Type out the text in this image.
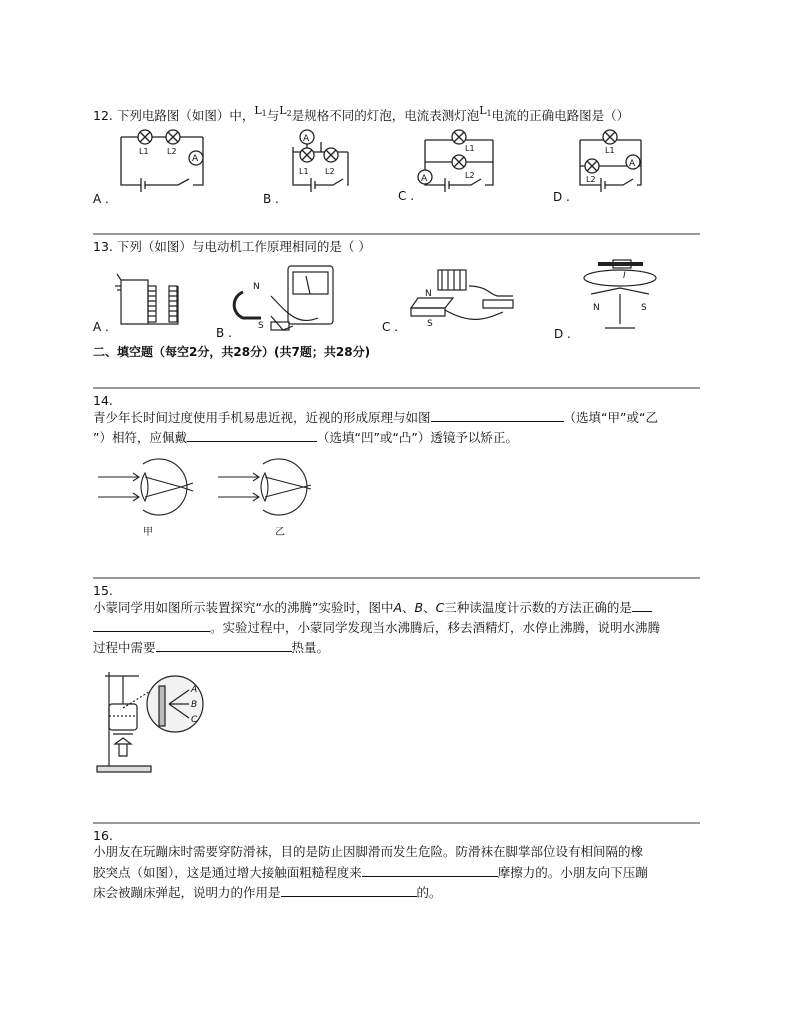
12. 下列电路图（如图）中，$L_1$与$L_2$是规格不同的灯泡，电流表测灯泡$L_1$电流的正确电路图是（）
A
A
A
A
L1 L2
L1 L2
L1
L2
L1
L2
A .	B .	C .	D .
13. 下列（如图）与电动机工作原理相同的是（ ）
N
S
N
S
N	S
I
A .	B .	C .	D .
二、填空题（每空2分，共28分）(共7题；共28分)
14.
青少年长时间过度使用手机易患近视，近视的形成原理与如图	（选填“甲”或“乙
”）相符，应佩戴	（选填“凹”或“凸”）透镜予以矫正。
甲	乙
15.
小蒙同学用如图所示装置探究“水的沸腾”实验时，图中A、B、C三种读温度计示数的方法正确的是
。实验过程中，小蒙同学发现当水沸腾后，移去酒精灯，水停止沸腾，说明水沸腾
过程中需要	热量。
A
B
C
16.
小朋友在玩蹦床时需要穿防滑袜，目的是防止因脚滑而发生危险。防滑袜在脚掌部位设有相间隔的橡
胶突点（如图），这是通过增大接触面粗糙程度来	摩擦力的。小朋友向下压蹦
床会被蹦床弹起，说明力的作用是	的。
